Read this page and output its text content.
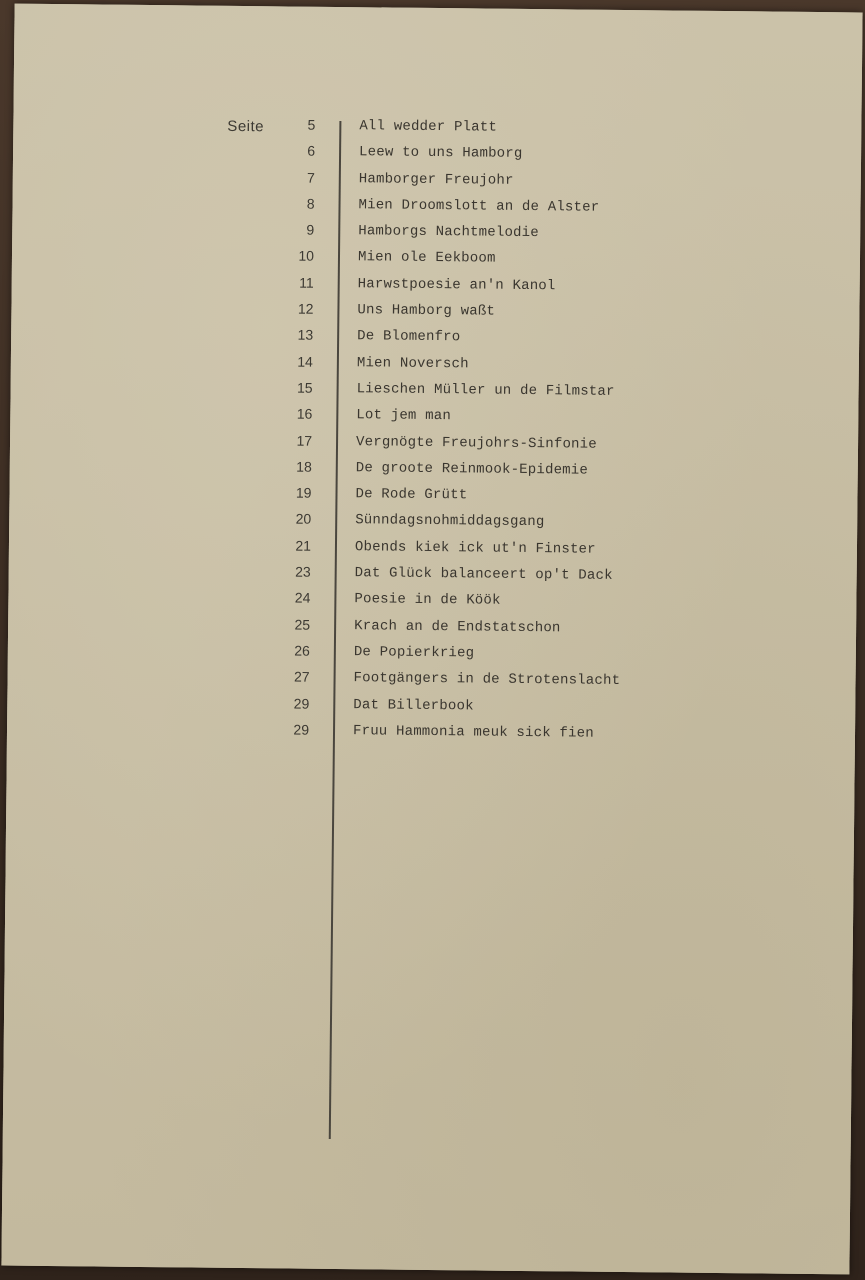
Seite	5	All wedder Platt
6	Leew to uns Hamborg
7	Hamborger Freujohr
8	Mien Droomslott an de Alster
9	Hamborgs Nachtmelodie
10	Mien ole Eekboom
11	Harwstpoesie an'n Kanol
12	Uns Hamborg waßt
13	De Blomenfro
14	Mien Noversch
15	Lieschen Müller un de Filmstar
16	Lot jem man
17	Vergnögte Freujohrs-Sinfonie
18	De groote Reinmook-Epidemie
19	De Rode Grütt
20	Sünndagsnohmiddagsgang
21	Obends kiek ick ut'n Finster
23	Dat Glück balanceert op't Dack
24	Poesie in de Köök
25	Krach an de Endstatschon
26	De Popierkrieg
27	Footgängers in de Strotenslacht
29	Dat Billerbook
29	Fruu Hammonia meuk sick fien
